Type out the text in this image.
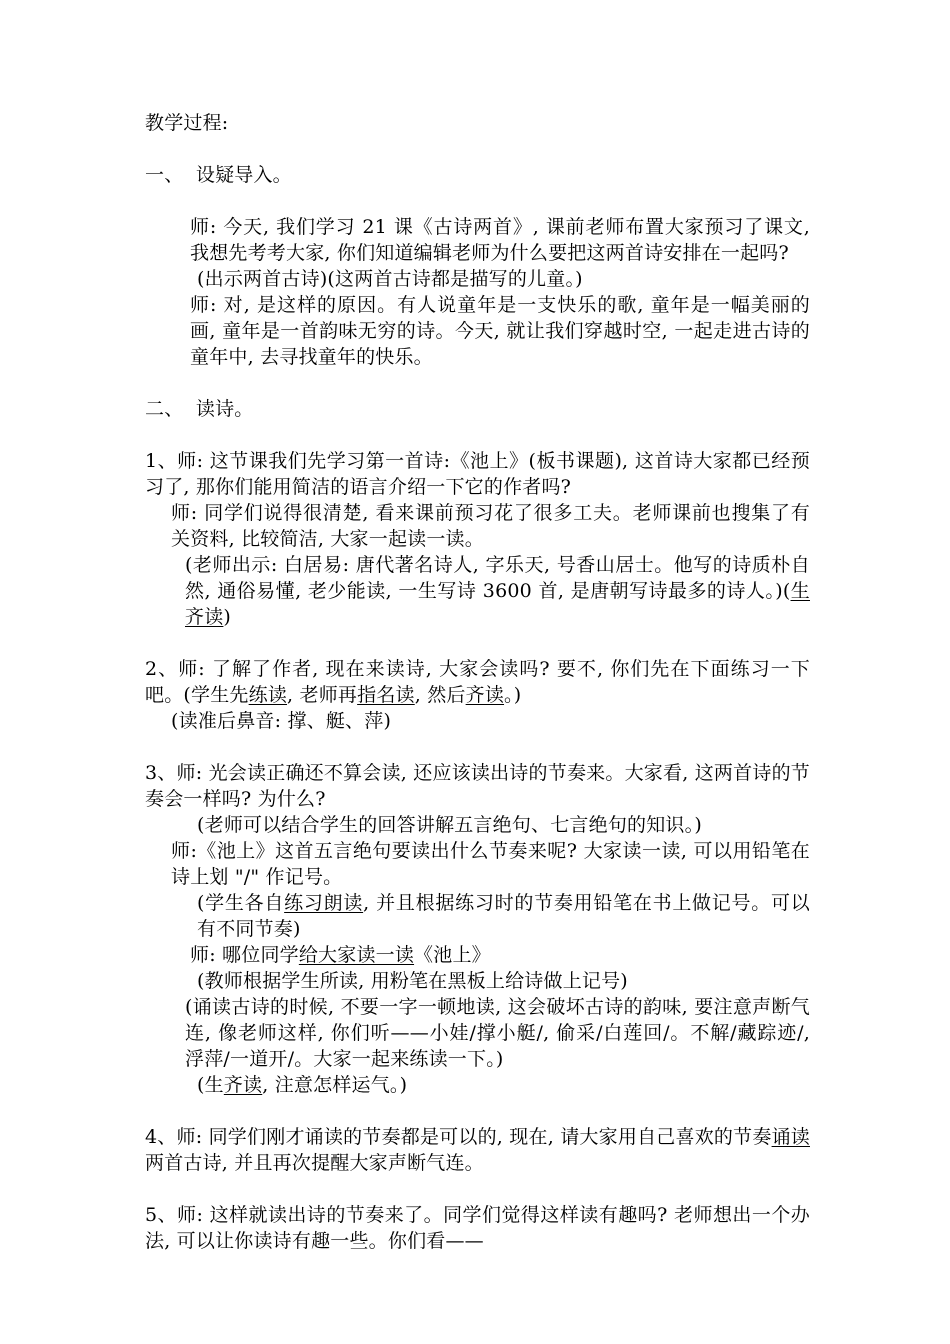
教学过程:
一、  设疑导入。
师: 今天, 我们学习 21 课《古诗两首》, 课前老师布置大家预习了课文, 我想先考考大家, 你们知道编辑老师为什么要把这两首诗安排在一起吗?
(出示两首古诗)(这两首古诗都是描写的儿童。)
师: 对, 是这样的原因。有人说童年是一支快乐的歌, 童年是一幅美丽的画, 童年是一首韵味无穷的诗。今天, 就让我们穿越时空, 一起走进古诗的童年中, 去寻找童年的快乐。
二、  读诗。
1、师: 这节课我们先学习第一首诗:《池上》(板书课题), 这首诗大家都已经预习了, 那你们能用简洁的语言介绍一下它的作者吗?
师: 同学们说得很清楚, 看来课前预习花了很多工夫。老师课前也搜集了有关资料, 比较简洁, 大家一起读一读。
(老师出示: 白居易: 唐代著名诗人, 字乐天, 号香山居士。他写的诗质朴自然, 通俗易懂, 老少能读, 一生写诗 3600 首, 是唐朝写诗最多的诗人。)(生齐读)
2、师: 了解了作者, 现在来读诗, 大家会读吗? 要不, 你们先在下面练习一下吧。(学生先练读, 老师再指名读, 然后齐读。)
(读准后鼻音: 撑、艇、萍)
3、师: 光会读正确还不算会读, 还应该读出诗的节奏来。大家看, 这两首诗的节奏会一样吗? 为什么?
(老师可以结合学生的回答讲解五言绝句、七言绝句的知识。)
师:《池上》这首五言绝句要读出什么节奏来呢? 大家读一读, 可以用铅笔在诗上划 "/" 作记号。
(学生各自练习朗读, 并且根据练习时的节奏用铅笔在书上做记号。可以有不同节奏)
师: 哪位同学给大家读一读《池上》
(教师根据学生所读, 用粉笔在黑板上给诗做上记号)
(诵读古诗的时候, 不要一字一顿地读, 这会破坏古诗的韵味, 要注意声断气连, 像老师这样, 你们听——小娃/撑小艇/, 偷采/白莲回/。不解/藏踪迹/, 浮萍/一道开/。大家一起来练读一下。)
(生齐读, 注意怎样运气。)
4、师: 同学们刚才诵读的节奏都是可以的, 现在, 请大家用自己喜欢的节奏诵读两首古诗, 并且再次提醒大家声断气连。
5、师: 这样就读出诗的节奏来了。同学们觉得这样读有趣吗? 老师想出一个办法, 可以让你读诗有趣一些。你们看——
